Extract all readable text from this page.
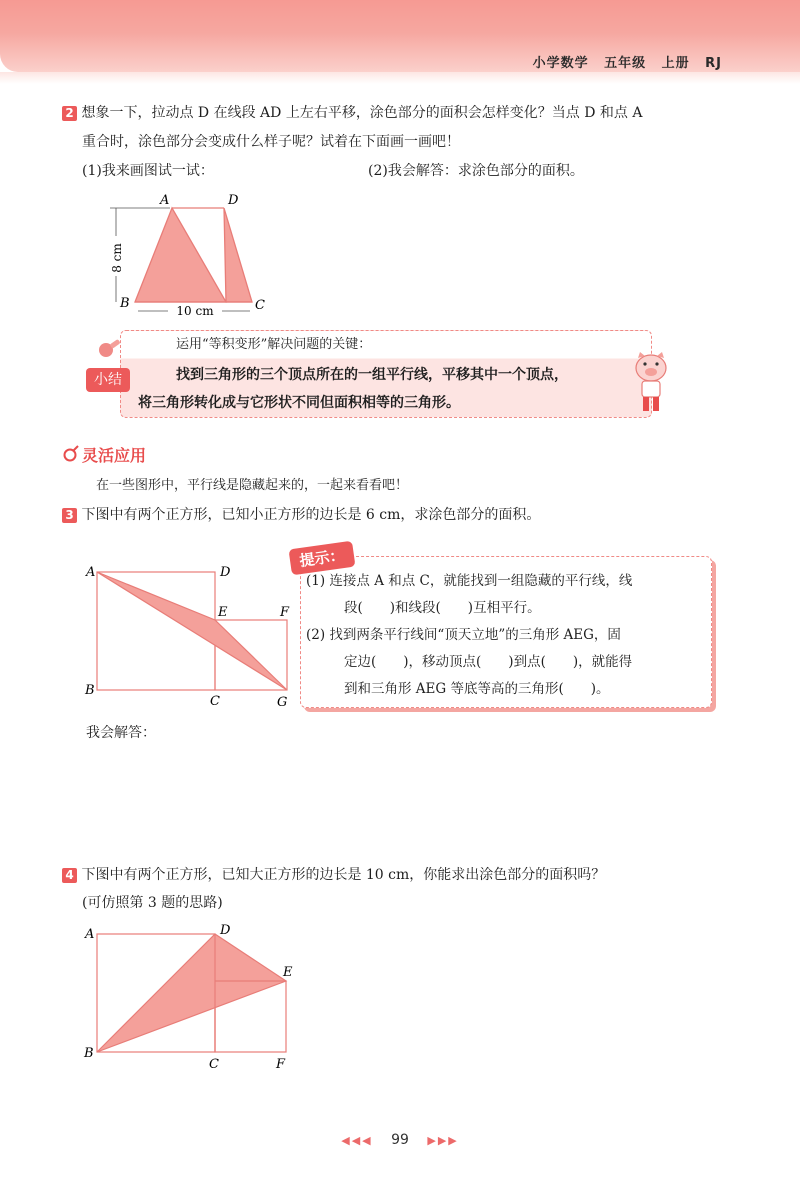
小学数学 五年级 上册 RJ
2 想象一下，拉动点 D 在线段 AD 上左右平移，涂色部分的面积会怎样变化？当点 D 和点 A
重合时，涂色部分会变成什么样子呢？试着在下面画一画吧！
(1)我来画图试一试：	(2)我会解答：求涂色部分的面积。
8 cm
10 cm
A	D
B	C
小结
运用“等积变形”解决问题的关键：
找到三角形的三个顶点所在的一组平行线，平移其中一个顶点，
将三角形转化成与它形状不同但面积相等的三角形。
灵活应用
在一些图形中，平行线是隐藏起来的，一起来看看吧！
3 下图中有两个正方形，已知小正方形的边长是 6 cm，求涂色部分的面积。
A	D
E	F
B
C	G
提示：
(1) 连接点 A 和点 C，就能找到一组隐藏的平行线，线
段(　　)和线段(　　)互相平行。
(2) 找到两条平行线间“顶天立地”的三角形 AEG，固
定边(　　)，移动顶点(　　)到点(　　)，就能得
到和三角形 AEG 等底等高的三角形(　　)。
我会解答：
4 下图中有两个正方形，已知大正方形的边长是 10 cm，你能求出涂色部分的面积吗？
(可仿照第 3 题的思路)
A	D
E
B
C	F
◀◀◀ 99 ▶▶▶
